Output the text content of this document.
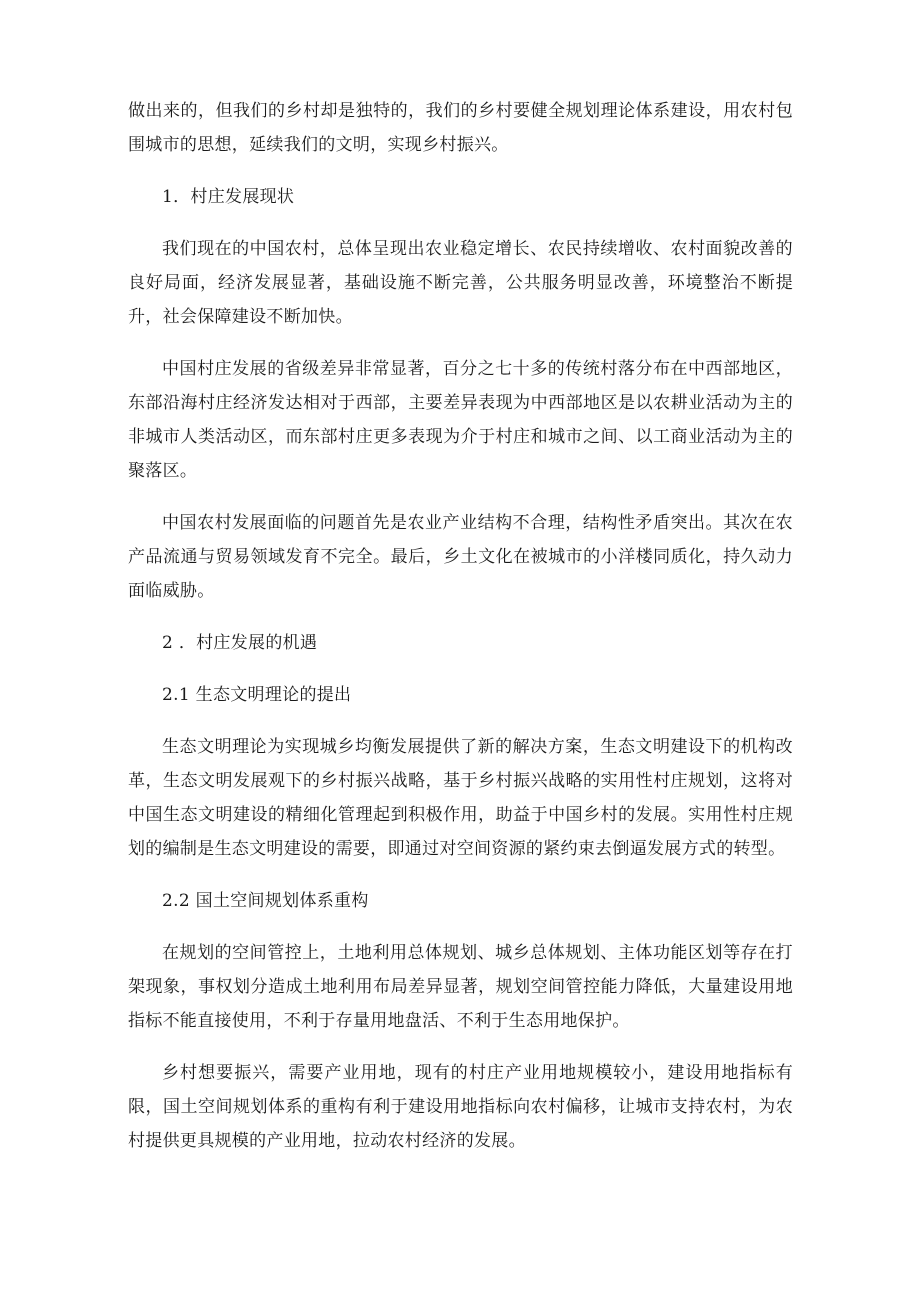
做出来的，但我们的乡村却是独特的，我们的乡村要健全规划理论体系建设，用农村包围城市的思想，延续我们的文明，实现乡村振兴。

1．村庄发展现状

我们现在的中国农村，总体呈现出农业稳定增长、农民持续增收、农村面貌改善的良好局面，经济发展显著，基础设施不断完善，公共服务明显改善，环境整治不断提升，社会保障建设不断加快。

中国村庄发展的省级差异非常显著，百分之七十多的传统村落分布在中西部地区，东部沿海村庄经济发达相对于西部，主要差异表现为中西部地区是以农耕业活动为主的非城市人类活动区，而东部村庄更多表现为介于村庄和城市之间、以工商业活动为主的聚落区。

中国农村发展面临的问题首先是农业产业结构不合理，结构性矛盾突出。其次在农产品流通与贸易领域发育不完全。最后，乡土文化在被城市的小洋楼同质化，持久动力面临威胁。

2 ．村庄发展的机遇

2.1 生态文明理论的提出

生态文明理论为实现城乡均衡发展提供了新的解决方案，生态文明建设下的机构改革，生态文明发展观下的乡村振兴战略，基于乡村振兴战略的实用性村庄规划，这将对中国生态文明建设的精细化管理起到积极作用，助益于中国乡村的发展。实用性村庄规划的编制是生态文明建设的需要，即通过对空间资源的紧约束去倒逼发展方式的转型。

2.2 国土空间规划体系重构

在规划的空间管控上，土地利用总体规划、城乡总体规划、主体功能区划等存在打架现象，事权划分造成土地利用布局差异显著，规划空间管控能力降低，大量建设用地指标不能直接使用，不利于存量用地盘活、不利于生态用地保护。

乡村想要振兴，需要产业用地，现有的村庄产业用地规模较小，建设用地指标有限，国土空间规划体系的重构有利于建设用地指标向农村偏移，让城市支持农村，为农村提供更具规模的产业用地，拉动农村经济的发展。
